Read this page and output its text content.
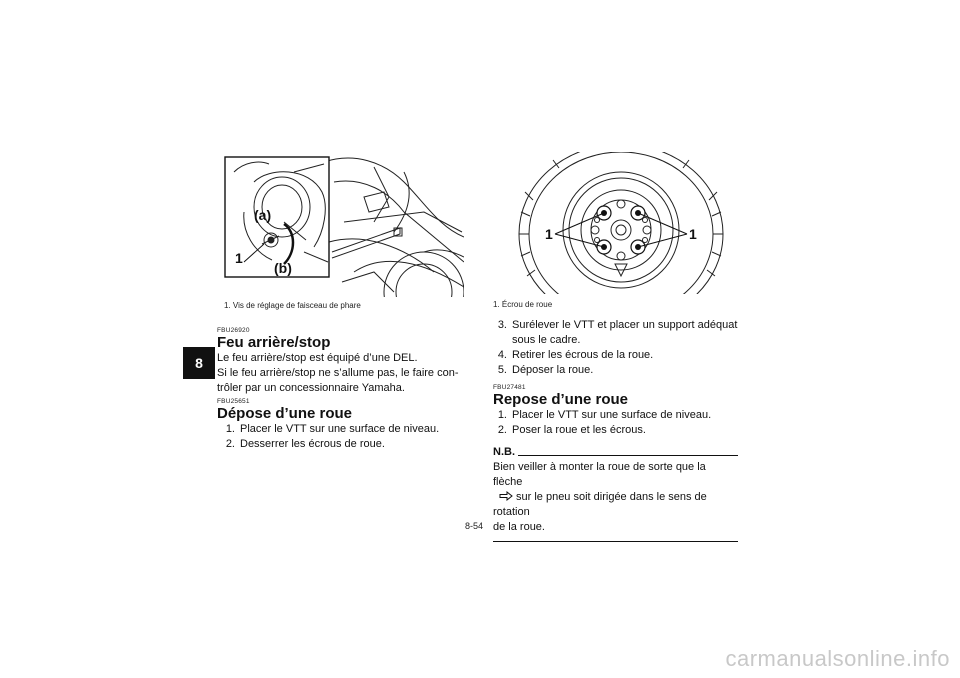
8
(a)
(b)
1
1. Vis de réglage de faisceau de phare
FBU26920
Feu arrière/stop

Le feu arrière/stop est équipé d’une DEL.

Si le feu arrière/stop ne s’allume pas, le faire con-

trôler par un concessionnaire Yamaha.

FBU25651
Dépose d’une roue
1. Placer le VTT sur une surface de niveau.
2. Desserrer les écrous de roue.
1	1
1. Écrou de roue
3. Surélever le VTT et placer un support adéquat
sous le cadre.
4. Retirer les écrous de la roue.
5. Déposer la roue.
FBU27481
Repose d’une roue
1. Placer le VTT sur une surface de niveau.
2. Poser la roue et les écrous.
N.B.
Bien veiller à monter la roue de sorte que la flèche
sur le pneu soit dirigée dans le sens de rotation
de la roue.
8-54
carmanualsonline.info
